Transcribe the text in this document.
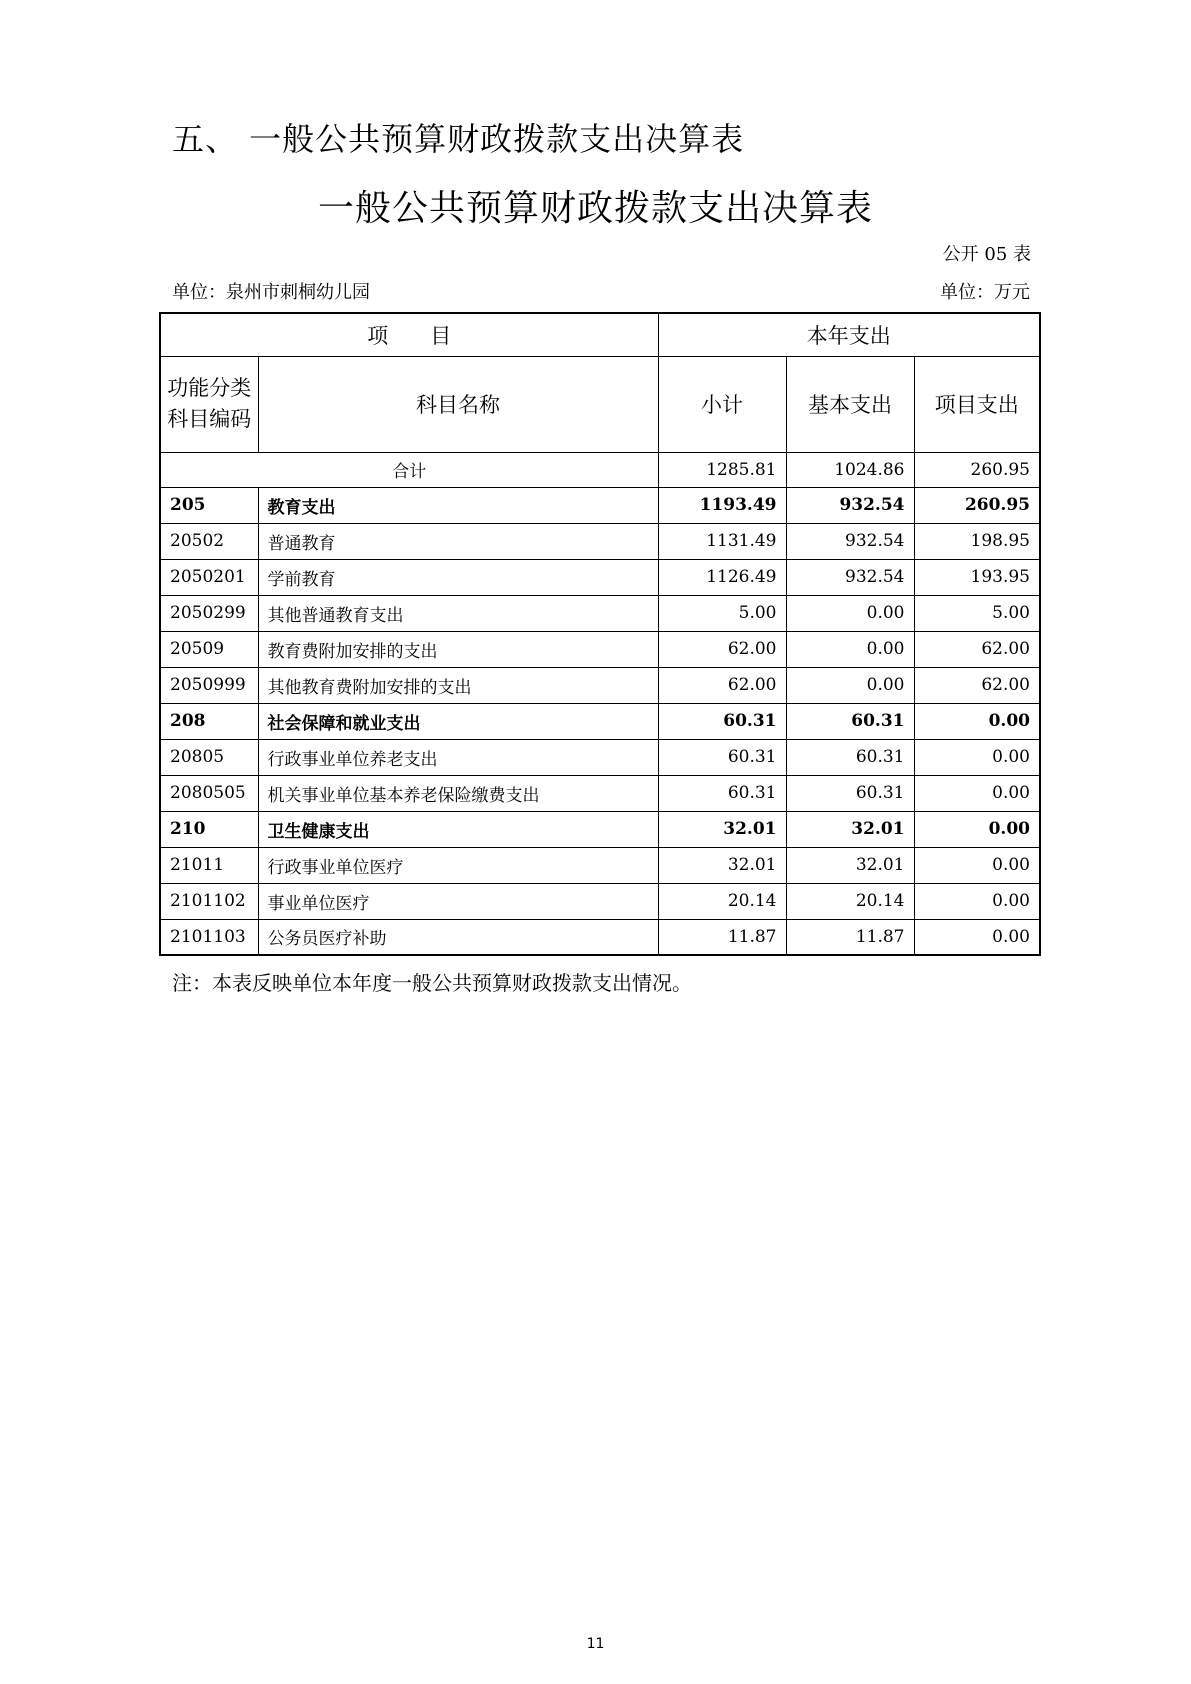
五、 一般公共预算财政拨款支出决算表
一般公共预算财政拨款支出决算表
公开 05 表
单位：泉州市刺桐幼儿园	单位：万元
项　　目		本年支出		
功能分类科目编码	科目名称	小计	基本支出	项目支出
合计		1285.81	1024.86	260.95
205	教育支出	1193.49	932.54	260.95
20502	普通教育	1131.49	932.54	198.95
2050201	学前教育	1126.49	932.54	193.95
2050299	其他普通教育支出	5.00	0.00	5.00
20509	教育费附加安排的支出	62.00	0.00	62.00
2050999	其他教育费附加安排的支出	62.00	0.00	62.00
208	社会保障和就业支出	60.31	60.31	0.00
20805	行政事业单位养老支出	60.31	60.31	0.00
2080505	机关事业单位基本养老保险缴费支出	60.31	60.31	0.00
210	卫生健康支出	32.01	32.01	0.00
21011	行政事业单位医疗	32.01	32.01	0.00
2101102	事业单位医疗	20.14	20.14	0.00
2101103	公务员医疗补助	11.87	11.87	0.00
注：本表反映单位本年度一般公共预算财政拨款支出情况。
11
